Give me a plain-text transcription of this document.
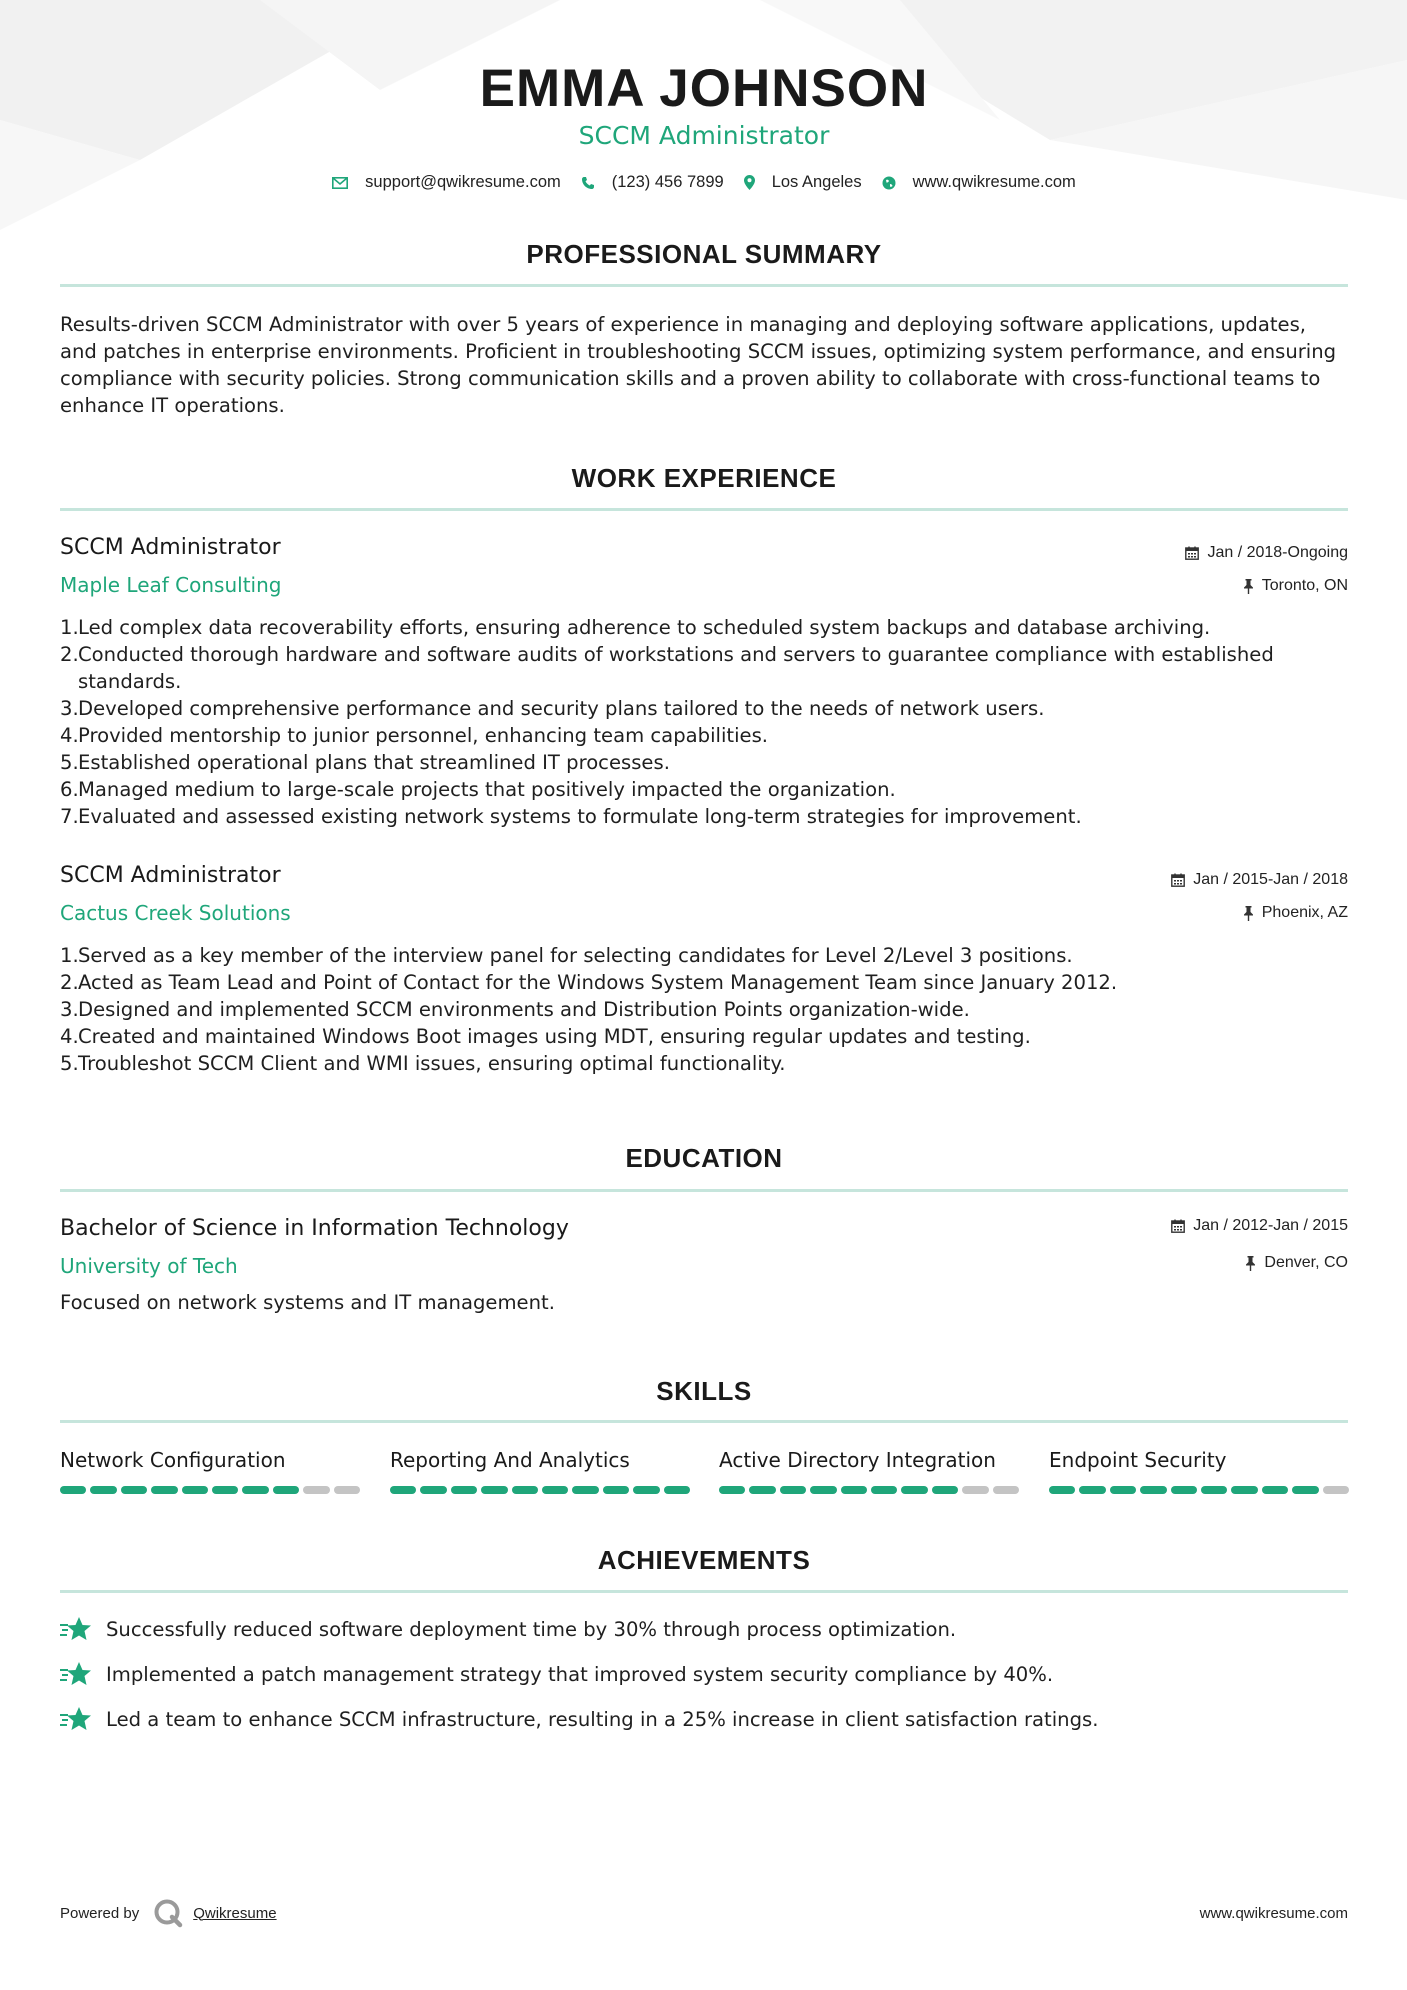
EMMA JOHNSON
SCCM Administrator
support@qwikresume.com	(123) 456 7899	Los Angeles	www.qwikresume.com
PROFESSIONAL SUMMARY
Results-driven SCCM Administrator with over 5 years of experience in managing and deploying software applications, updates, and patches in enterprise environments. Proficient in troubleshooting SCCM issues, optimizing system performance, and ensuring compliance with security policies. Strong communication skills and a proven ability to collaborate with cross-functional teams to enhance IT operations.
WORK EXPERIENCE
SCCM Administrator	Jan / 2018-Ongoing
Maple Leaf Consulting	Toronto, ON
1. Led complex data recoverability efforts, ensuring adherence to scheduled system backups and database archiving.
2. Conducted thorough hardware and software audits of workstations and servers to guarantee compliance with established standards.
3. Developed comprehensive performance and security plans tailored to the needs of network users.
4. Provided mentorship to junior personnel, enhancing team capabilities.
5. Established operational plans that streamlined IT processes.
6. Managed medium to large-scale projects that positively impacted the organization.
7. Evaluated and assessed existing network systems to formulate long-term strategies for improvement.
SCCM Administrator	Jan / 2015-Jan / 2018
Cactus Creek Solutions	Phoenix, AZ
1. Served as a key member of the interview panel for selecting candidates for Level 2/Level 3 positions.
2. Acted as Team Lead and Point of Contact for the Windows System Management Team since January 2012.
3. Designed and implemented SCCM environments and Distribution Points organization-wide.
4. Created and maintained Windows Boot images using MDT, ensuring regular updates and testing.
5. Troubleshot SCCM Client and WMI issues, ensuring optimal functionality.
EDUCATION
Bachelor of Science in Information Technology	Jan / 2012-Jan / 2015
University of Tech	Denver, CO
Focused on network systems and IT management.
SKILLS
Network Configuration	Reporting And Analytics	Active Directory Integration	Endpoint Security
ACHIEVEMENTS
Successfully reduced software deployment time by 30% through process optimization.
Implemented a patch management strategy that improved system security compliance by 40%.
Led a team to enhance SCCM infrastructure, resulting in a 25% increase in client satisfaction ratings.
Powered by	Qwikresume	www.qwikresume.com
